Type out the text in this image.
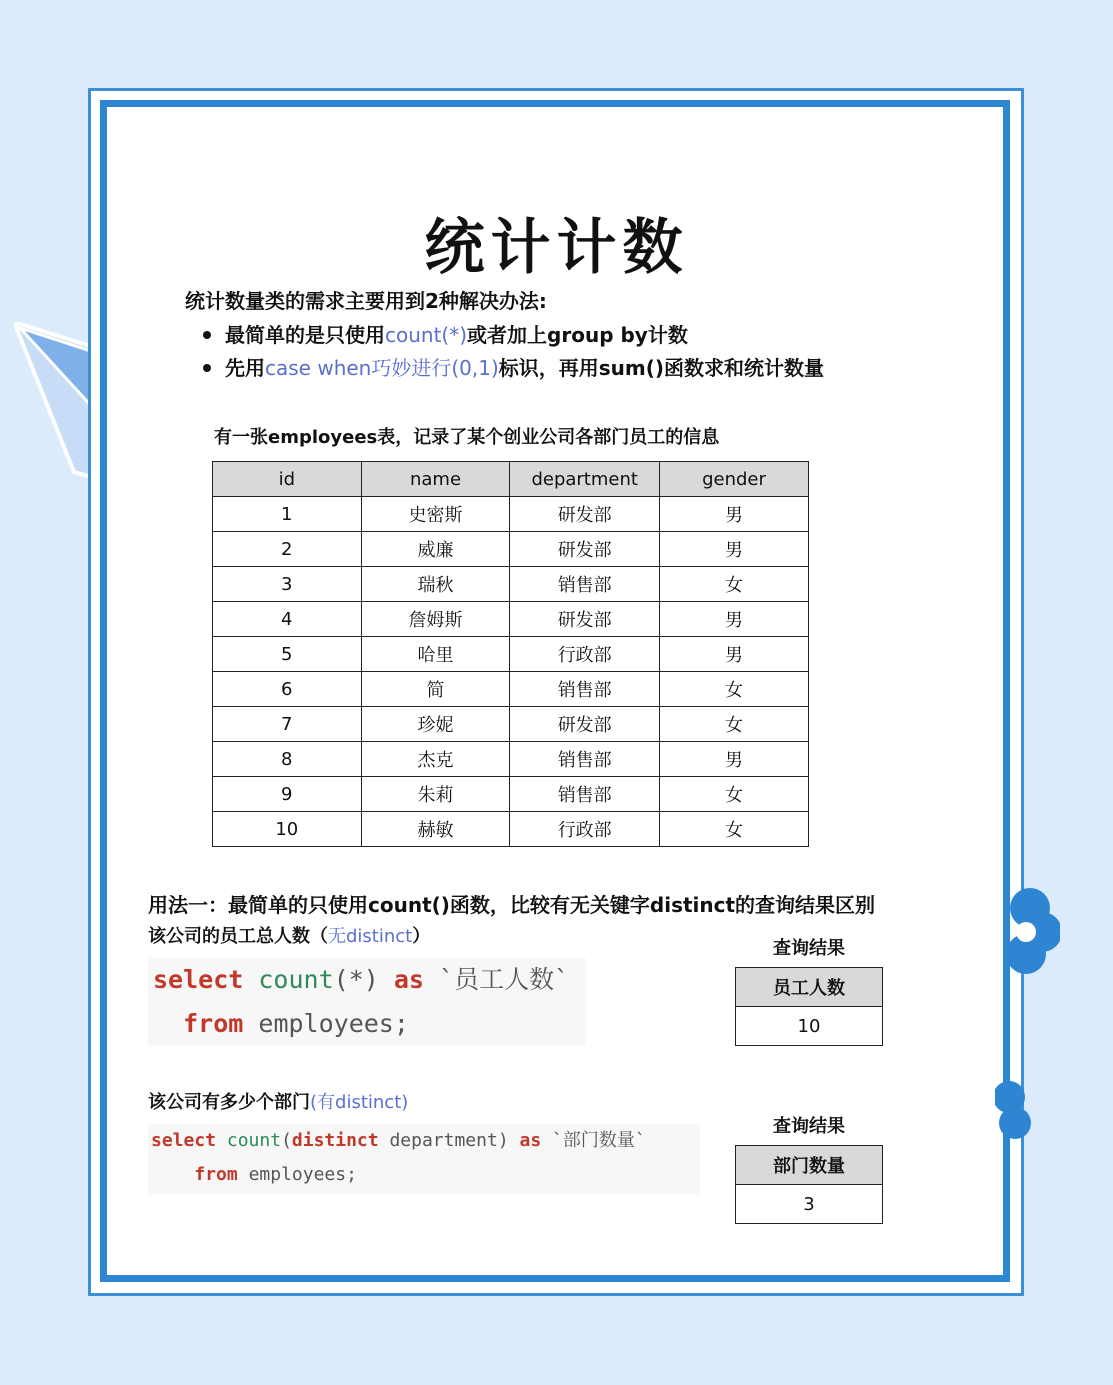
统计计数
统计数量类的需求主要用到2种解决办法:
最简单的是只使用count(*)或者加上group by计数
先用case when巧妙进行(0,1)标识，再用sum()函数求和统计数量
有一张employees表，记录了某个创业公司各部门员工的信息
id	name	department	gender
1	史密斯	研发部	男
2	威廉	研发部	男
3	瑞秋	销售部	女
4	詹姆斯	研发部	男
5	哈里	行政部	男
6	简	销售部	女
7	珍妮	研发部	女
8	杰克	销售部	男
9	朱莉	销售部	女
10	赫敏	行政部	女
用法一：最简单的只使用count()函数，比较有无关键字distinct的查询结果区别
该公司的员工总人数（无distinct）
select count(*) as `员工人数`
from employees;
查询结果
员工人数
10
该公司有多少个部门(有distinct)
select count(distinct department) as `部门数量`
from employees;
查询结果
部门数量
3
